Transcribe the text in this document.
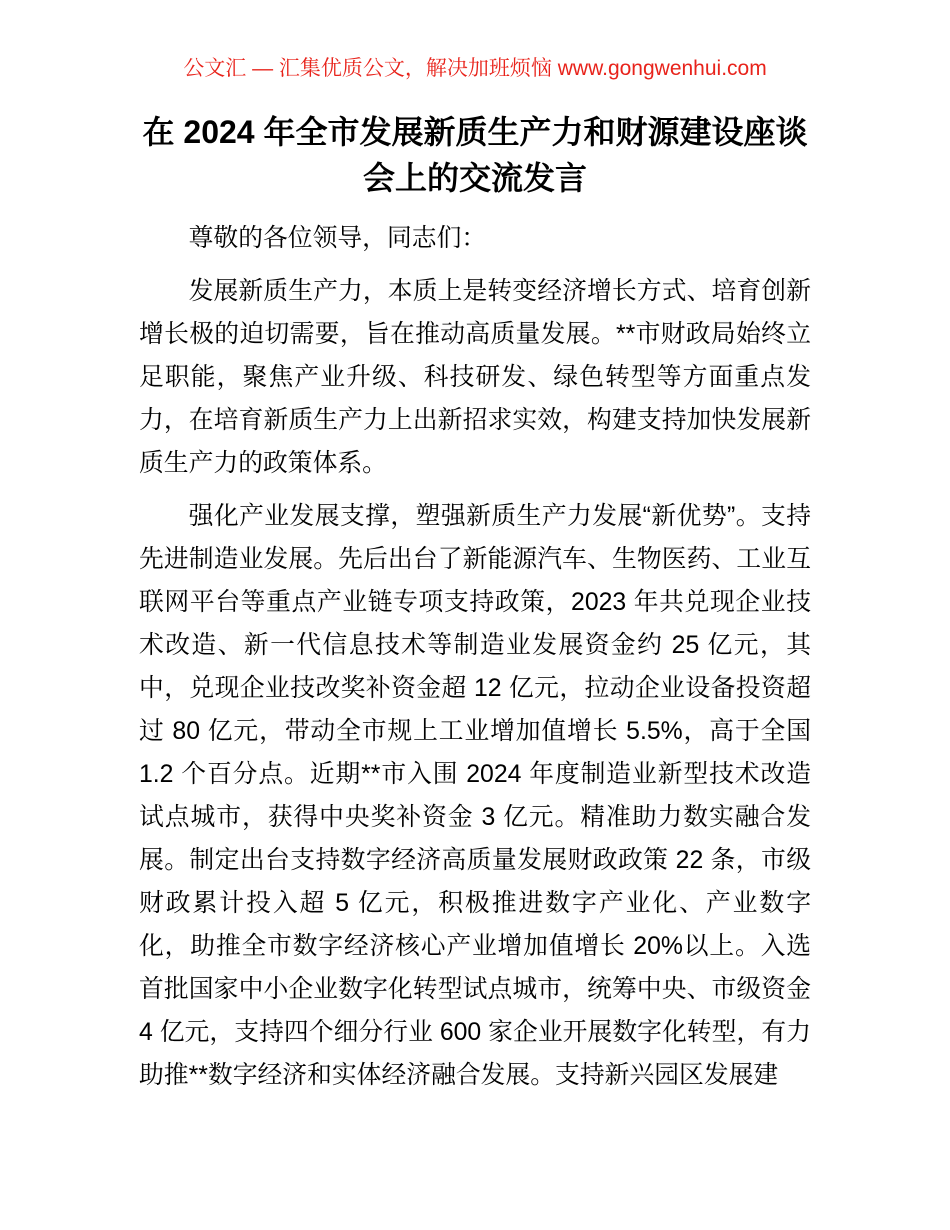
公文汇 — 汇集优质公文，解决加班烦恼 www.gongwenhui.com
在 2024 年全市发展新质生产力和财源建设座谈会上的交流发言

尊敬的各位领导，同志们：

发展新质生产力，本质上是转变经济增长方式、培育创新增长极的迫切需要，旨在推动高质量发展。**市财政局始终立足职能，聚焦产业升级、科技研发、绿色转型等方面重点发力，在培育新质生产力上出新招求实效，构建支持加快发展新质生产力的政策体系。

强化产业发展支撑，塑强新质生产力发展“新优势”。支持先进制造业发展。先后出台了新能源汽车、生物医药、工业互联网平台等重点产业链专项支持政策，2023 年共兑现企业技术改造、新一代信息技术等制造业发展资金约 25 亿元，其中，兑现企业技改奖补资金超 12 亿元，拉动企业设备投资超过 80 亿元，带动全市规上工业增加值增长 5.5%，高于全国 1.2 个百分点。近期**市入围 2024 年度制造业新型技术改造试点城市，获得中央奖补资金 3 亿元。精准助力数实融合发展。制定出台支持数字经济高质量发展财政政策 22 条，市级财政累计投入超 5 亿元，积极推进数字产业化、产业数字化，助推全市数字经济核心产业增加值增长 20%以上。入选首批国家中小企业数字化转型试点城市，统筹中央、市级资金 4 亿元，支持四个细分行业 600 家企业开展数字化转型，有力助推**数字经济和实体经济融合发展。支持新兴园区发展建
